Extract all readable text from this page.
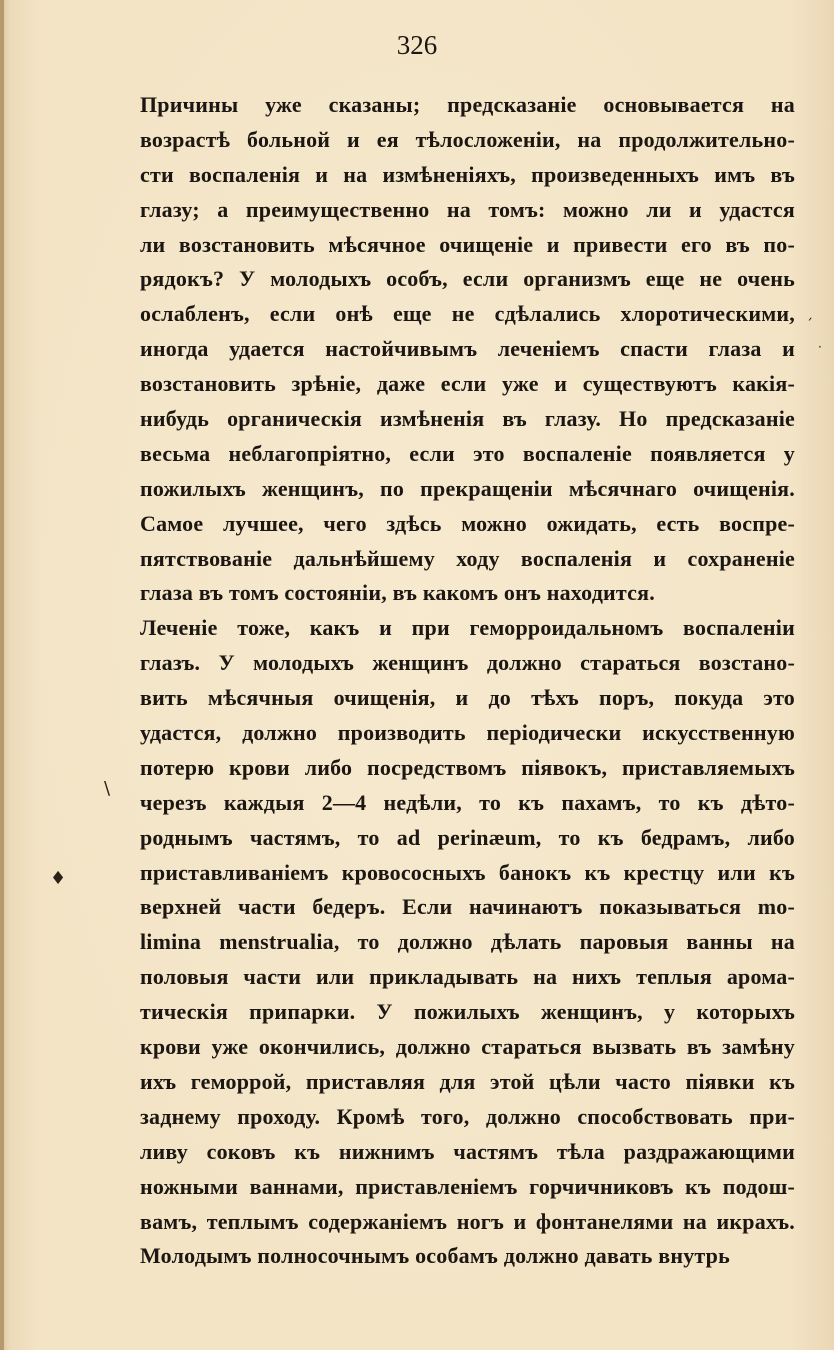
326
Причины уже сказаны; предсказаніе основывается на
возрастѣ больной и ея тѣлосложеніи, на продолжительно-
сти воспаленія и на измѣненіяхъ, произведенныхъ имъ въ
глазу; а преимущественно на томъ: можно ли и удастся
ли возстановить мѣсячное очищеніе и привести его въ по-
рядокъ? У молодыхъ особъ, если организмъ еще не очень
ослабленъ, если онѣ еще не сдѣлались хлоротическими,
иногда удается настойчивымъ леченіемъ спасти глаза и
возстановить зрѣніе, даже если уже и существуютъ какія-
нибудь органическія измѣненія въ глазу. Но предсказаніе
весьма неблагопріятно, если это воспаленіе появляется у
пожилыхъ женщинъ, по прекращеніи мѣсячнаго очищенія.
Самое лучшее, чего здѣсь можно ожидать, есть воспре-
пятствованіе дальнѣйшему ходу воспаленія и сохраненіе
глаза въ томъ состояніи, въ какомъ онъ находится.
Леченіе тоже, какъ и при геморроидальномъ воспаленіи
глазъ. У молодыхъ женщинъ должно стараться возстано-
вить мѣсячныя очищенія, и до тѣхъ поръ, покуда это
удастся, должно производить періодически искусственную
потерю крови либо посредствомъ піявокъ, приставляемыхъ
черезъ каждыя 2—4 недѣли, то къ пахамъ, то къ дѣто-
роднымъ частямъ, то ad perinæum, то къ бедрамъ, либо
приставливаніемъ кровососныхъ банокъ къ крестцу или къ
верхней части бедеръ. Если начинаютъ показываться mo-
limina menstrualia, то должно дѣлать паровыя ванны на
половыя части или прикладывать на нихъ теплыя арома-
тическія припарки. У пожилыхъ женщинъ, у которыхъ
крови уже окончились, должно стараться вызвать въ замѣну
ихъ геморрой, приставляя для этой цѣли часто піявки къ
заднему проходу. Кромѣ того, должно способствовать при-
ливу соковъ къ нижнимъ частямъ тѣла раздражающими
ножными ваннами, приставленіемъ горчичниковъ къ подош-
вамъ, теплымъ содержаніемъ ногъ и фонтанелями на икрахъ.
Молодымъ полносочнымъ особамъ должно давать внутрь
\
♦
ˏ
·
